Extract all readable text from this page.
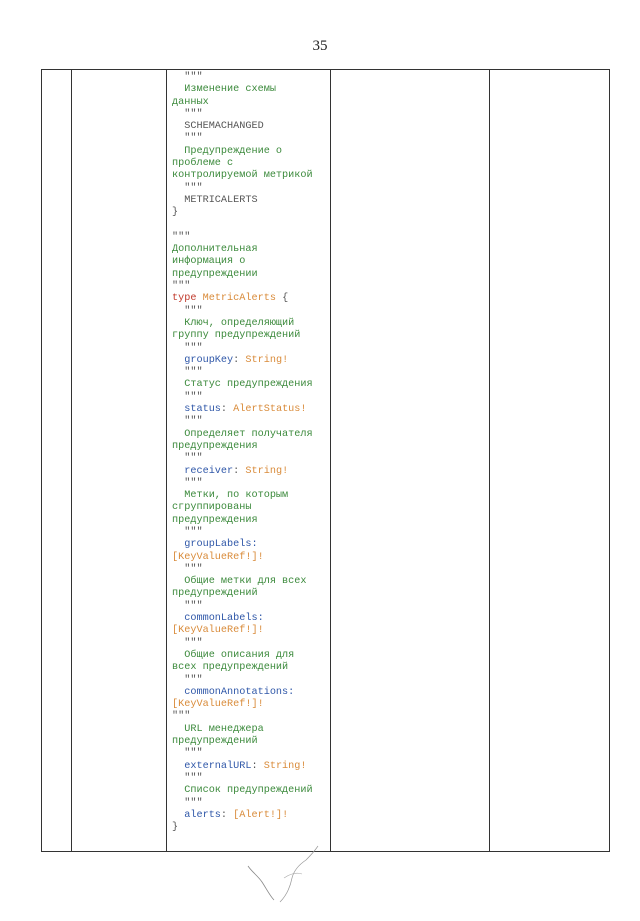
35

"""
Изменение схемы
данных
"""
SCHEMACHANGED
"""
Предупреждение о
проблеме с
контролируемой метрикой
"""
METRICALERTS
}
"""
Дополнительная
информация о
предупреждении
"""
type MetricAlerts {
"""
Ключ, определяющий
группу предупреждений
"""
groupKey: String!
"""
Статус предупреждения
"""
status: AlertStatus!
"""
Определяет получателя
предупреждения
"""
receiver: String!
"""
Метки, по которым
сгруппированы
предупреждения
"""
groupLabels:
[KeyValueRef!]!
"""
Общие метки для всех
предупреждений
"""
commonLabels:
[KeyValueRef!]!
"""
Общие описания для
всех предупреждений
"""
commonAnnotations:
[KeyValueRef!]!
"""
URL менеджера
предупреждений
"""
externalURL: String!
"""
Список предупреждений
"""
alerts: [Alert!]!
}
